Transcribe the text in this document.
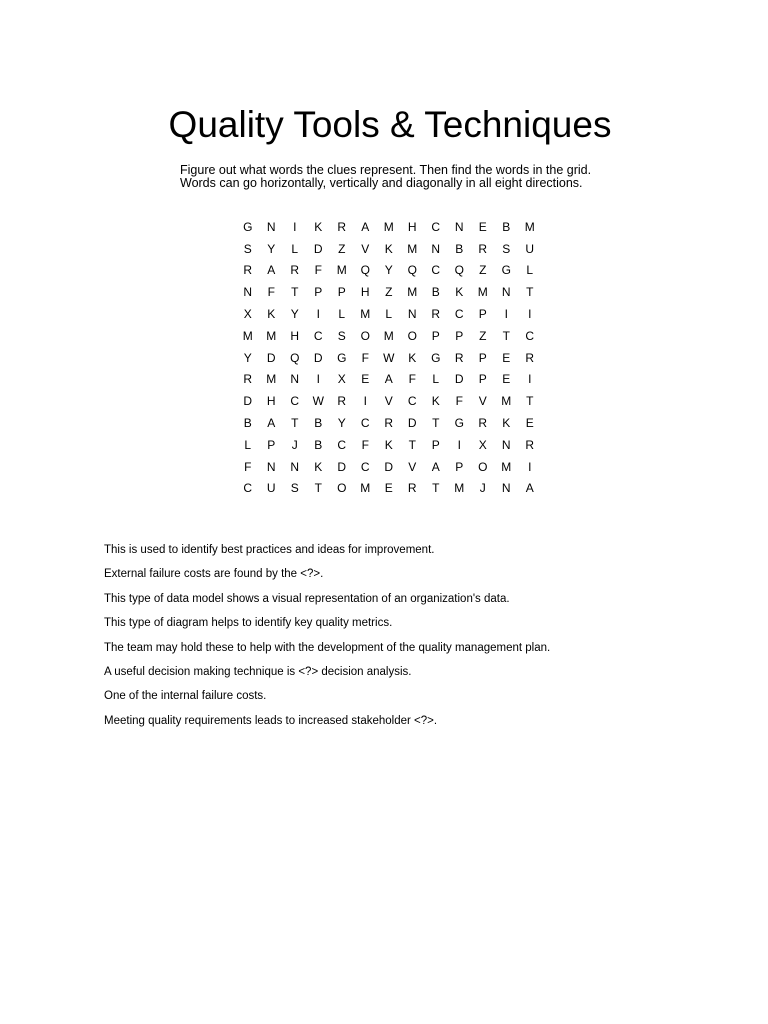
Quality Tools & Techniques
Figure out what words the clues represent. Then find the words in the grid.
Words can go horizontally, vertically and diagonally in all eight directions.
G	N	I	K	R	A	M	H	C	N	E	B	M
S	Y	L	D	Z	V	K	M	N	B	R	S	U
R	A	R	F	M	Q	Y	Q	C	Q	Z	G	L
N	F	T	P	P	H	Z	M	B	K	M	N	T
X	K	Y	I	L	M	L	N	R	C	P	I	I
M	M	H	C	S	O	M	O	P	P	Z	T	C
Y	D	Q	D	G	F	W	K	G	R	P	E	R
R	M	N	I	X	E	A	F	L	D	P	E	I
D	H	C	W	R	I	V	C	K	F	V	M	T
B	A	T	B	Y	C	R	D	T	G	R	K	E
L	P	J	B	C	F	K	T	P	I	X	N	R
F	N	N	K	D	C	D	V	A	P	O	M	I
C	U	S	T	O	M	E	R	T	M	J	N	A
This is used to identify best practices and ideas for improvement.
External failure costs are found by the <?>.
This type of data model shows a visual representation of an organization's data.
This type of diagram helps to identify key quality metrics.
The team may hold these to help with the development of the quality management plan.
A useful decision making technique is <?> decision analysis.
One of the internal failure costs.
Meeting quality requirements leads to increased stakeholder <?>.
